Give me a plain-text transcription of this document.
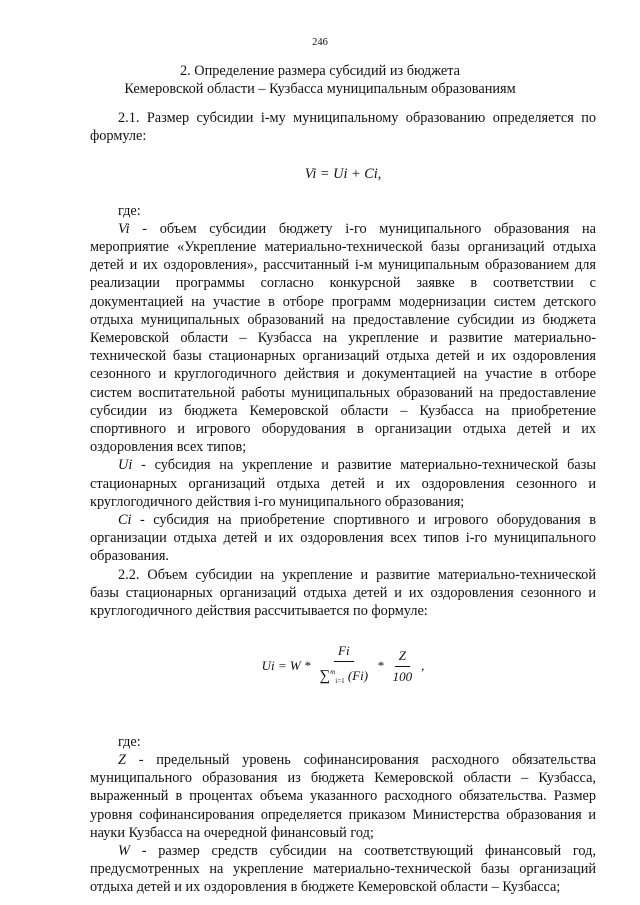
246
2. Определение размера субсидий из бюджета
Кемеровской области – Кузбасса муниципальным образованиям

2.1. Размер субсидии i-му муниципальному образованию определяется по формуле:

Vi = Ui + Ci,

где:

Vi - объем субсидии бюджету i-го муниципального образования на мероприятие «Укрепление материально-технической базы организаций отдыха детей и их оздоровления», рассчитанный i-м муниципальным образованием для реализации программы согласно конкурсной заявке в соответствии с документацией на участие в отборе программ модернизации систем детского отдыха муниципальных образований на предоставление субсидии из бюджета Кемеровской области – Кузбасса на укрепление и развитие материально-технической базы стационарных организаций отдыха детей и их оздоровления сезонного и круглогодичного действия и документацией на участие в отборе систем воспитательной работы муниципальных образований на предоставление субсидии из бюджета Кемеровской области – Кузбасса на приобретение спортивного и игрового оборудования в организации отдыха детей и их оздоровления всех типов;

Ui - субсидия на укрепление и развитие материально-технической базы стационарных организаций отдыха детей и их оздоровления сезонного и круглогодичного действия i-го муниципального образования;

Ci - субсидия на приобретение спортивного и игрового оборудования в организации отдыха детей и их оздоровления всех типов i-го муниципального образования.

2.2. Объем субсидии на укрепление и развитие материально-технической базы стационарных организаций отдыха детей и их оздоровления сезонного и круглогодичного действия рассчитывается по формуле:

$Ui = W * \frac{Fi}{\sum^m_{i=1} (Fi)} * \frac{Z}{100}$ ,

где:

Z - предельный уровень софинансирования расходного обязательства муниципального образования из бюджета Кемеровской области – Кузбасса, выраженный в процентах объема указанного расходного обязательства. Размер уровня софинансирования определяется приказом Министерства образования и науки Кузбасса на очередной финансовый год;

W - размер средств субсидии на соответствующий финансовый год, предусмотренных на укрепление материально-технической базы организаций отдыха детей и их оздоровления в бюджете Кемеровской области – Кузбасса;
